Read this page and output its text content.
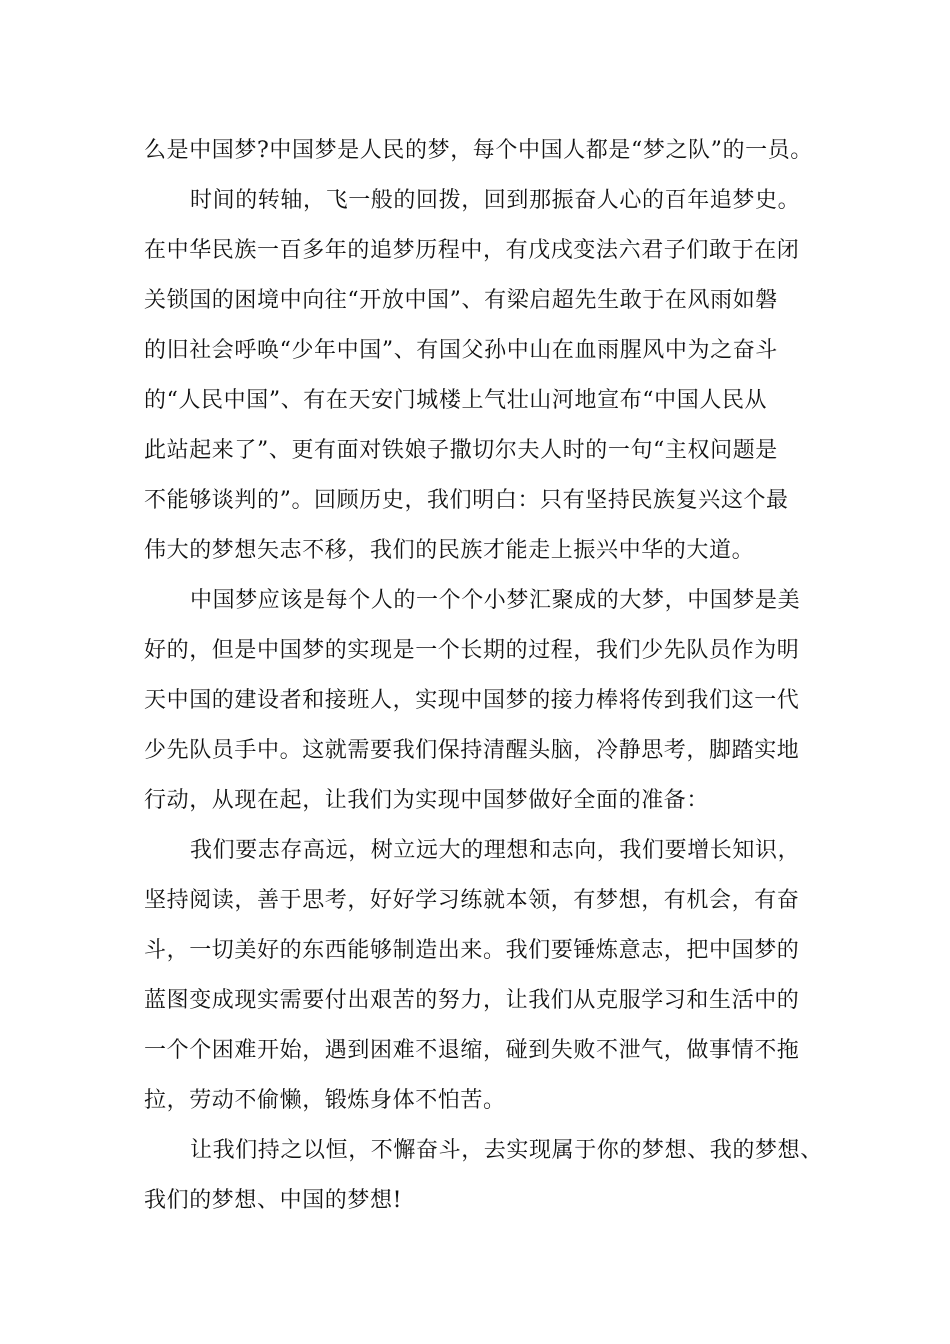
么是中国梦?中国梦是人民的梦，每个中国人都是“梦之队”的一员。
时间的转轴，飞一般的回拨，回到那振奋人心的百年追梦史。
在中华民族一百多年的追梦历程中，有戊戌变法六君子们敢于在闭
关锁国的困境中向往“开放中国”、有梁启超先生敢于在风雨如磐
的旧社会呼唤“少年中国”、有国父孙中山在血雨腥风中为之奋斗
的“人民中国”、有在天安门城楼上气壮山河地宣布“中国人民从
此站起来了”、更有面对铁娘子撒切尔夫人时的一句“主权问题是
不能够谈判的”。回顾历史，我们明白：只有坚持民族复兴这个最
伟大的梦想矢志不移，我们的民族才能走上振兴中华的大道。
中国梦应该是每个人的一个个小梦汇聚成的大梦，中国梦是美
好的，但是中国梦的实现是一个长期的过程，我们少先队员作为明
天中国的建设者和接班人，实现中国梦的接力棒将传到我们这一代
少先队员手中。这就需要我们保持清醒头脑，冷静思考，脚踏实地
行动，从现在起，让我们为实现中国梦做好全面的准备：
我们要志存高远，树立远大的理想和志向，我们要增长知识，
坚持阅读，善于思考，好好学习练就本领，有梦想，有机会，有奋
斗，一切美好的东西能够制造出来。我们要锤炼意志，把中国梦的
蓝图变成现实需要付出艰苦的努力，让我们从克服学习和生活中的
一个个困难开始，遇到困难不退缩，碰到失败不泄气，做事情不拖
拉，劳动不偷懒，锻炼身体不怕苦。
让我们持之以恒，不懈奋斗，去实现属于你的梦想、我的梦想、
我们的梦想、中国的梦想!
